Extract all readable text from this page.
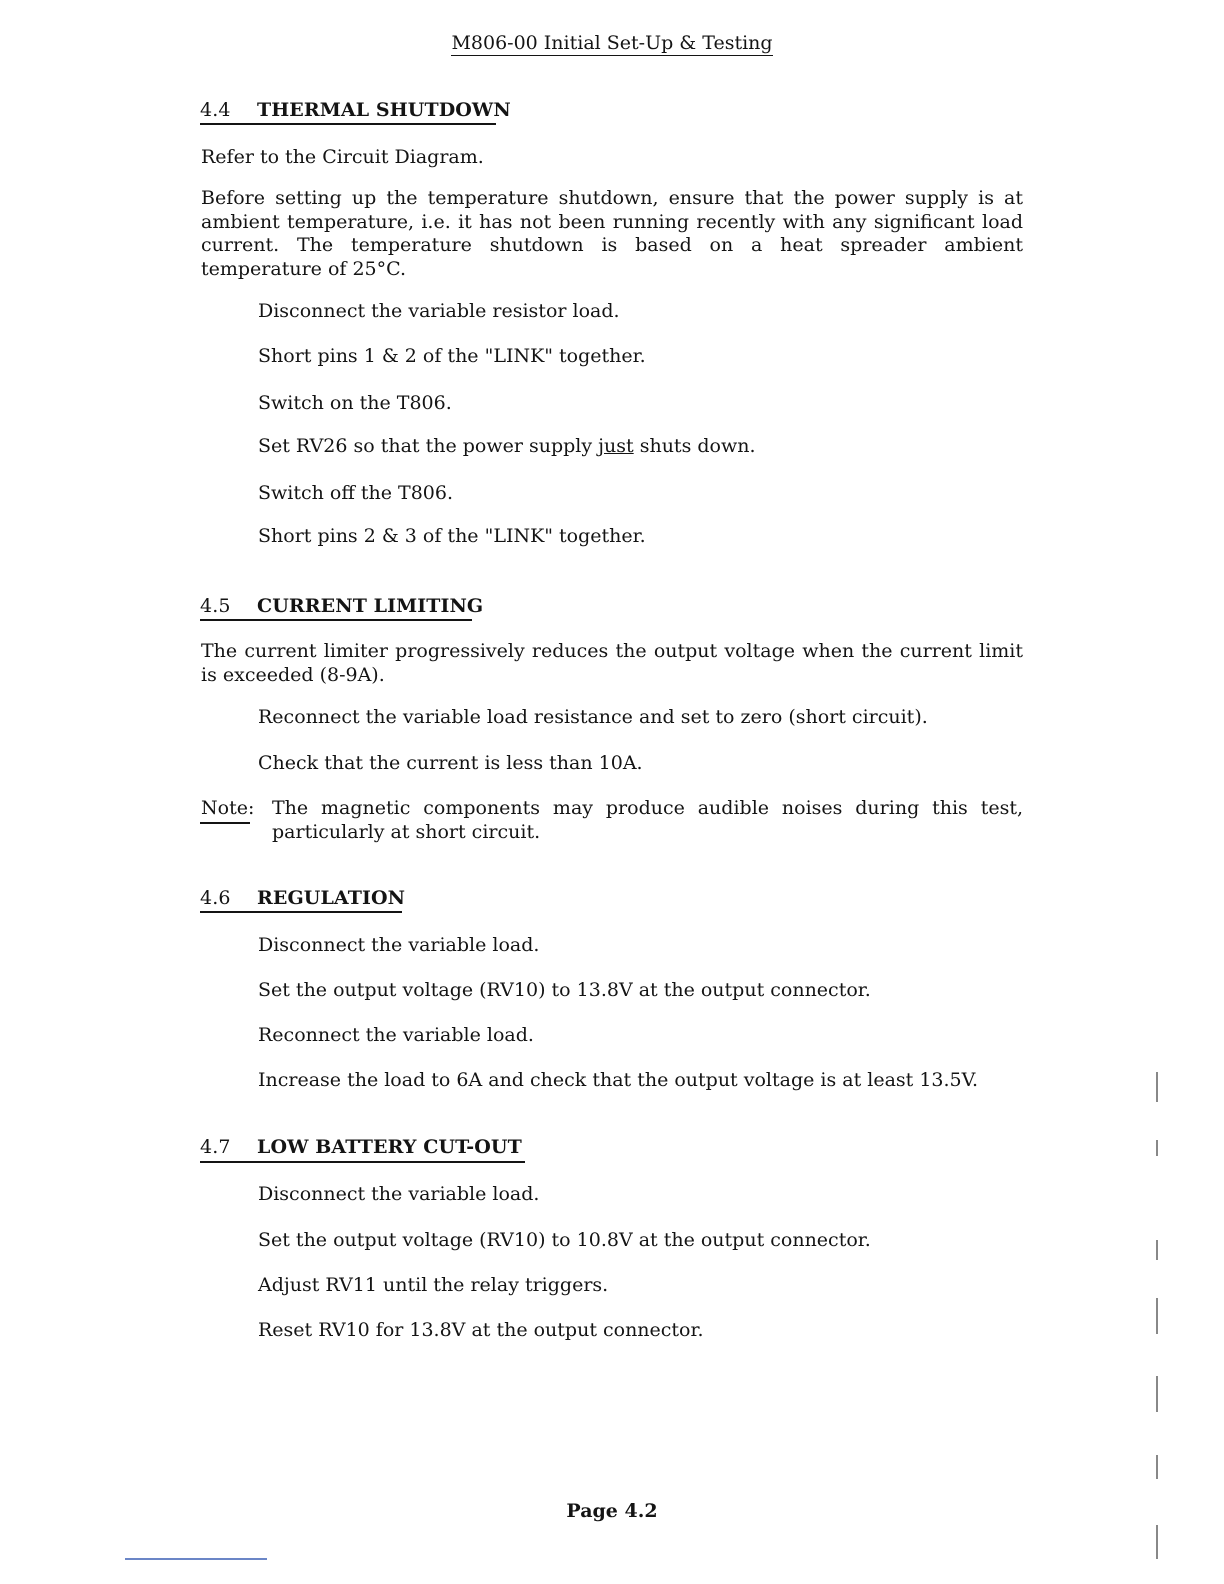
M806-00 Initial Set-Up & Testing
4.4 THERMAL SHUTDOWN
Refer to the Circuit Diagram.
Before setting up the temperature shutdown, ensure that the power supply is at ambient temperature, i.e. it has not been running recently with any significant load current. The temperature shutdown is based on a heat spreader ambient temperature of 25°C.
Disconnect the variable resistor load.
Short pins 1 & 2 of the "LINK" together.
Switch on the T806.
Set RV26 so that the power supply just shuts down.
Switch off the T806.
Short pins 2 & 3 of the "LINK" together.
4.5 CURRENT LIMITING
The current limiter progressively reduces the output voltage when the current limit is exceeded (8-9A).
Reconnect the variable load resistance and set to zero (short circuit).
Check that the current is less than 10A.
Note: The magnetic components may produce audible noises during this test, particularly at short circuit.
4.6 REGULATION
Disconnect the variable load.
Set the output voltage (RV10) to 13.8V at the output connector.
Reconnect the variable load.
Increase the load to 6A and check that the output voltage is at least 13.5V.
4.7 LOW BATTERY CUT-OUT
Disconnect the variable load.
Set the output voltage (RV10) to 10.8V at the output connector.
Adjust RV11 until the relay triggers.
Reset RV10 for 13.8V at the output connector.
Page 4.2
